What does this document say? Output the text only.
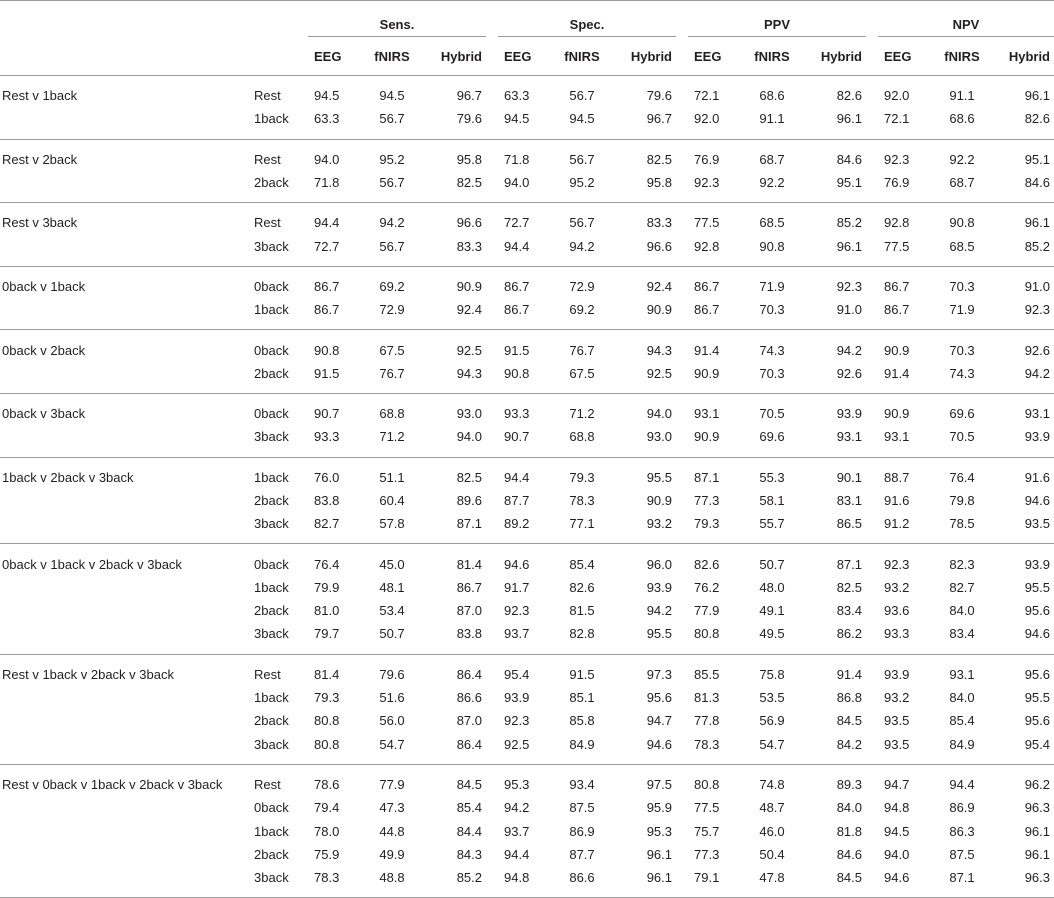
		Sens.				Spec.				PPV				NPV		
		EEG	fNIRS	Hybrid		EEG	fNIRS	Hybrid		EEG	fNIRS	Hybrid		EEG	fNIRS	Hybrid
Rest v 1back	Rest	94.5	94.5	96.7		63.3	56.7	79.6		72.1	68.6	82.6		92.0	91.1	96.1
	1back	63.3	56.7	79.6		94.5	94.5	96.7		92.0	91.1	96.1		72.1	68.6	82.6
Rest v 2back	Rest	94.0	95.2	95.8		71.8	56.7	82.5		76.9	68.7	84.6		92.3	92.2	95.1
	2back	71.8	56.7	82.5		94.0	95.2	95.8		92.3	92.2	95.1		76.9	68.7	84.6
Rest v 3back	Rest	94.4	94.2	96.6		72.7	56.7	83.3		77.5	68.5	85.2		92.8	90.8	96.1
	3back	72.7	56.7	83.3		94.4	94.2	96.6		92.8	90.8	96.1		77.5	68.5	85.2
0back v 1back	0back	86.7	69.2	90.9		86.7	72.9	92.4		86.7	71.9	92.3		86.7	70.3	91.0
	1back	86.7	72.9	92.4		86.7	69.2	90.9		86.7	70.3	91.0		86.7	71.9	92.3
0back v 2back	0back	90.8	67.5	92.5		91.5	76.7	94.3		91.4	74.3	94.2		90.9	70.3	92.6
	2back	91.5	76.7	94.3		90.8	67.5	92.5		90.9	70.3	92.6		91.4	74.3	94.2
0back v 3back	0back	90.7	68.8	93.0		93.3	71.2	94.0		93.1	70.5	93.9		90.9	69.6	93.1
	3back	93.3	71.2	94.0		90.7	68.8	93.0		90.9	69.6	93.1		93.1	70.5	93.9
1back v 2back v 3back	1back	76.0	51.1	82.5		94.4	79.3	95.5		87.1	55.3	90.1		88.7	76.4	91.6
	2back	83.8	60.4	89.6		87.7	78.3	90.9		77.3	58.1	83.1		91.6	79.8	94.6
	3back	82.7	57.8	87.1		89.2	77.1	93.2		79.3	55.7	86.5		91.2	78.5	93.5
0back v 1back v 2back v 3back	0back	76.4	45.0	81.4		94.6	85.4	96.0		82.6	50.7	87.1		92.3	82.3	93.9
	1back	79.9	48.1	86.7		91.7	82.6	93.9		76.2	48.0	82.5		93.2	82.7	95.5
	2back	81.0	53.4	87.0		92.3	81.5	94.2		77.9	49.1	83.4		93.6	84.0	95.6
	3back	79.7	50.7	83.8		93.7	82.8	95.5		80.8	49.5	86.2		93.3	83.4	94.6
Rest v 1back v 2back v 3back	Rest	81.4	79.6	86.4		95.4	91.5	97.3		85.5	75.8	91.4		93.9	93.1	95.6
	1back	79.3	51.6	86.6		93.9	85.1	95.6		81.3	53.5	86.8		93.2	84.0	95.5
	2back	80.8	56.0	87.0		92.3	85.8	94.7		77.8	56.9	84.5		93.5	85.4	95.6
	3back	80.8	54.7	86.4		92.5	84.9	94.6		78.3	54.7	84.2		93.5	84.9	95.4
Rest v 0back v 1back v 2back v 3back	Rest	78.6	77.9	84.5		95.3	93.4	97.5		80.8	74.8	89.3		94.7	94.4	96.2
	0back	79.4	47.3	85.4		94.2	87.5	95.9		77.5	48.7	84.0		94.8	86.9	96.3
	1back	78.0	44.8	84.4		93.7	86.9	95.3		75.7	46.0	81.8		94.5	86.3	96.1
	2back	75.9	49.9	84.3		94.4	87.7	96.1		77.3	50.4	84.6		94.0	87.5	96.1
	3back	78.3	48.8	85.2		94.8	86.6	96.1		79.1	47.8	84.5		94.6	87.1	96.3
